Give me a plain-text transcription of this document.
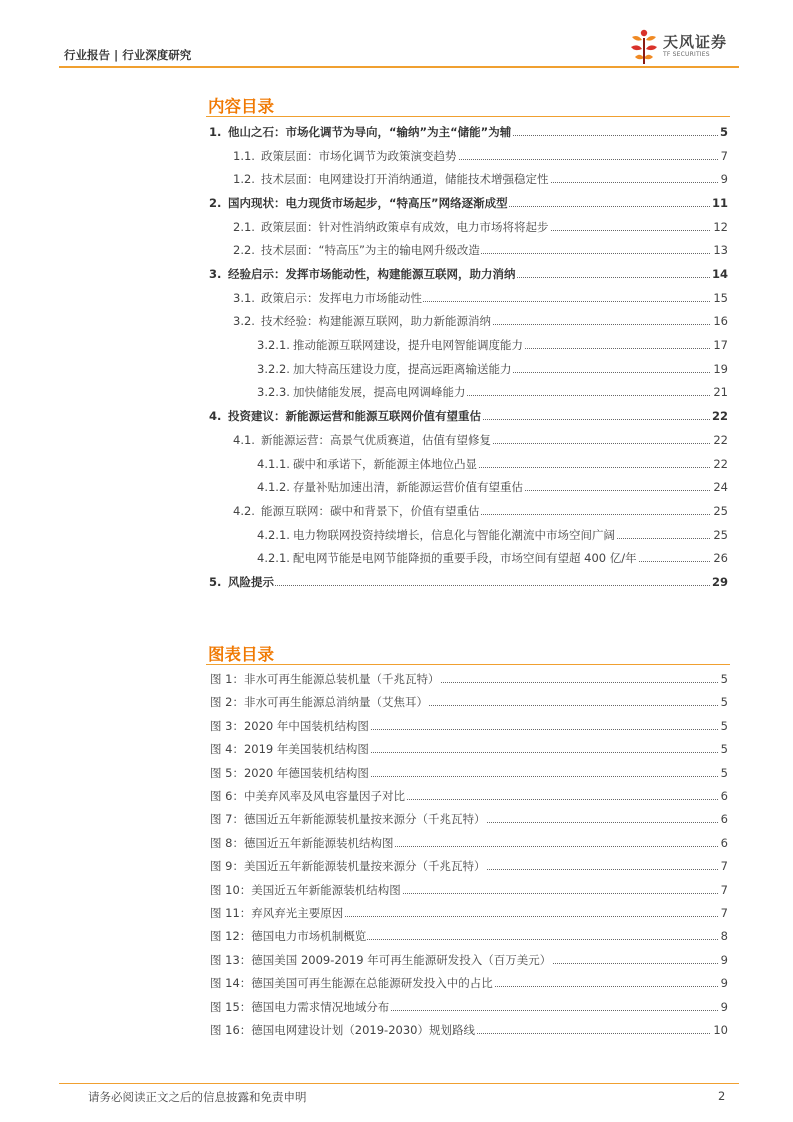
行业报告 | 行业深度研究
天风证券
TF SECURITIES
内容目录
1. 他山之石：市场化调节为导向，“输纳”为主“储能”为辅	5
1.1. 政策层面：市场化调节为政策演变趋势	7
1.2. 技术层面：电网建设打开消纳通道，储能技术增强稳定性	9
2. 国内现状：电力现货市场起步，“特高压”网络逐渐成型	11
2.1. 政策层面：针对性消纳政策卓有成效，电力市场将将起步	12
2.2. 技术层面：“特高压”为主的输电网升级改造	13
3. 经验启示：发挥市场能动性，构建能源互联网，助力消纳	14
3.1. 政策启示：发挥电力市场能动性	15
3.2. 技术经验：构建能源互联网，助力新能源消纳	16
3.2.1. 推动能源互联网建设，提升电网智能调度能力	17
3.2.2. 加大特高压建设力度，提高远距离输送能力	19
3.2.3. 加快储能发展，提高电网调峰能力	21
4. 投资建议：新能源运营和能源互联网价值有望重估	22
4.1. 新能源运营：高景气优质赛道，估值有望修复	22
4.1.1. 碳中和承诺下，新能源主体地位凸显	22
4.1.2. 存量补贴加速出清，新能源运营价值有望重估	24
4.2. 能源互联网：碳中和背景下，价值有望重估	25
4.2.1. 电力物联网投资持续增长，信息化与智能化潮流中市场空间广阔	25
4.2.1. 配电网节能是电网节能降损的重要手段，市场空间有望超 400 亿/年	26
5. 风险提示	29
图表目录
图 1：非水可再生能源总装机量（千兆瓦特）	5
图 2：非水可再生能源总消纳量（艾焦耳）	5
图 3：2020 年中国装机结构图	5
图 4：2019 年美国装机结构图	5
图 5：2020 年德国装机结构图	5
图 6：中美弃风率及风电容量因子对比	6
图 7：德国近五年新能源装机量按来源分（千兆瓦特）	6
图 8：德国近五年新能源装机结构图	6
图 9：美国近五年新能源装机量按来源分（千兆瓦特）	7
图 10：美国近五年新能源装机结构图	7
图 11：弃风弃光主要原因	7
图 12：德国电力市场机制概览	8
图 13：德国美国 2009-2019 年可再生能源研发投入（百万美元）	9
图 14：德国美国可再生能源在总能源研发投入中的占比	9
图 15：德国电力需求情况地域分布	9
图 16：德国电网建设计划（2019-2030）规划路线	10
请务必阅读正文之后的信息披露和免责申明	2
